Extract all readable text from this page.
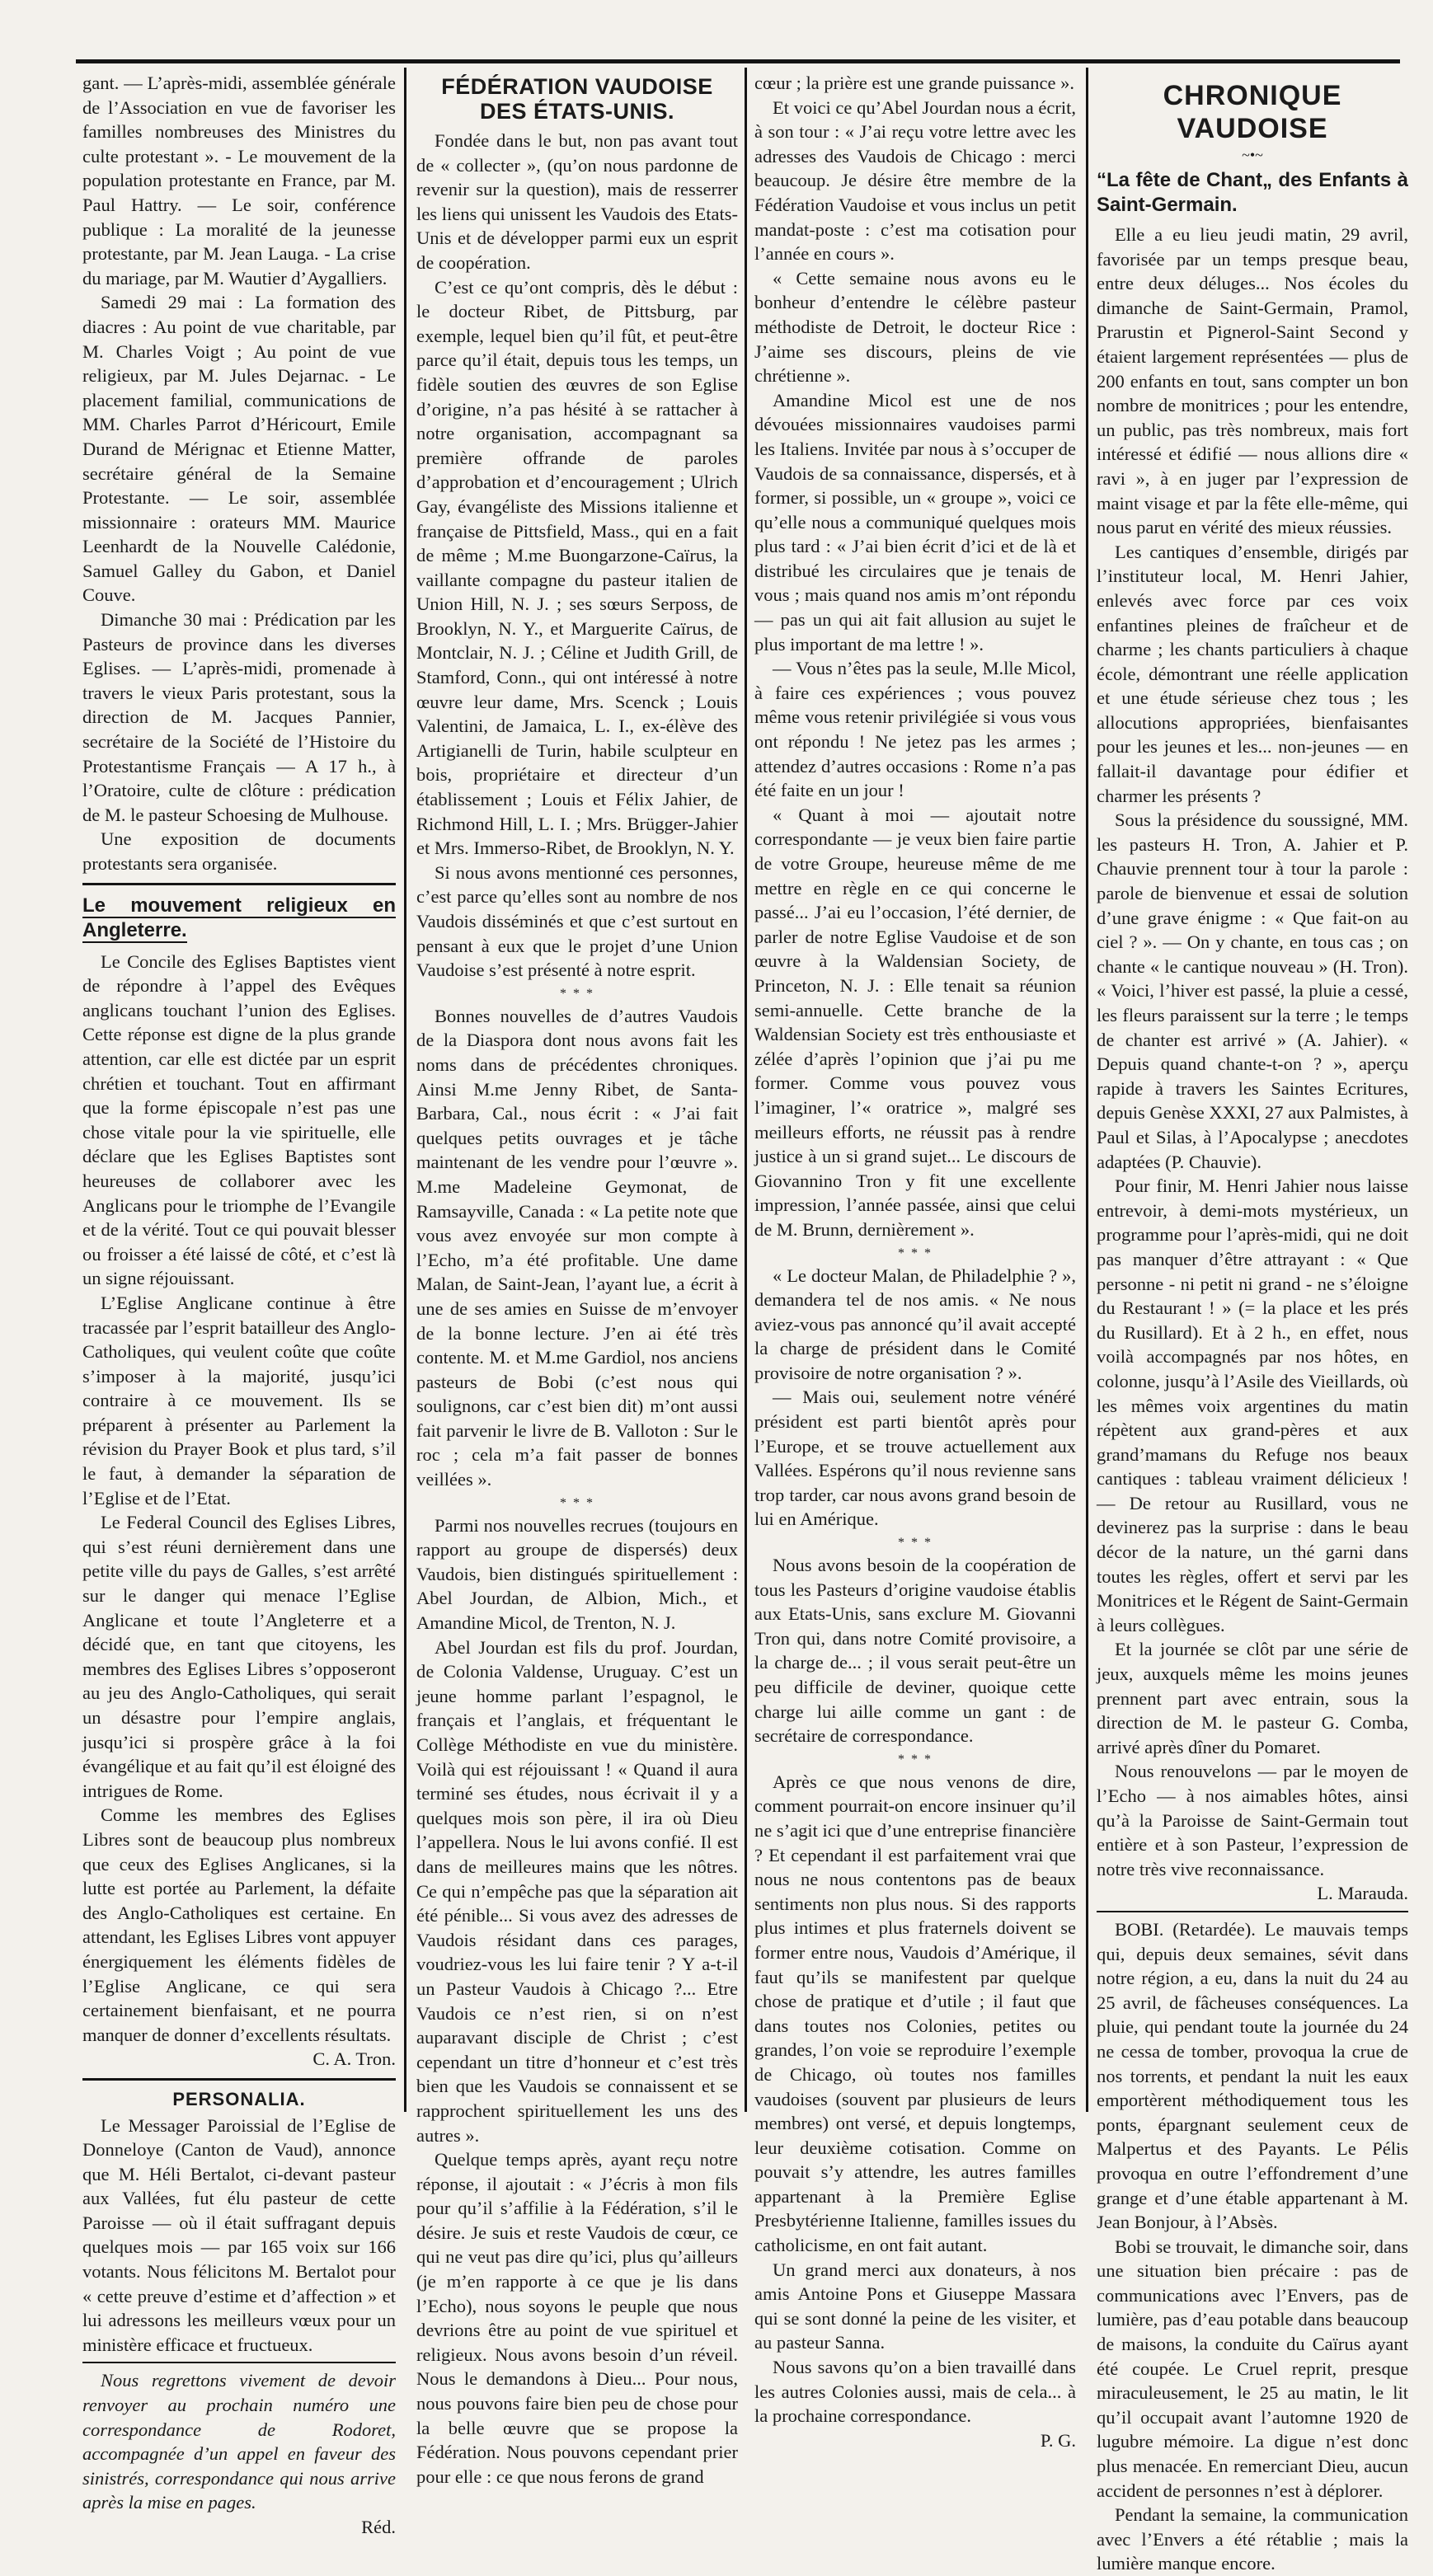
gant. — L’après-midi, assemblée générale de l’Association en vue de favoriser les familles nombreuses des Ministres du culte protestant ». - Le mouvement de la population protestante en France, par M. Paul Hattry. — Le soir, conférence publique : La moralité de la jeunesse protestante, par M. Jean Lauga. - La crise du mariage, par M. Wautier d’Aygalliers.

Samedi 29 mai : La formation des diacres : Au point de vue charitable, par M. Charles Voigt ; Au point de vue religieux, par M. Jules Dejarnac. - Le placement familial, communications de MM. Charles Parrot d’Héricourt, Emile Durand de Mérignac et Etienne Matter, secrétaire général de la Semaine Protestante. — Le soir, assemblée missionnaire : orateurs MM. Maurice Leenhardt de la Nouvelle Calédonie, Samuel Galley du Gabon, et Daniel Couve.

Dimanche 30 mai : Prédication par les Pasteurs de province dans les diverses Eglises. — L’après-midi, promenade à travers le vieux Paris protestant, sous la direction de M. Jacques Pannier, secrétaire de la Société de l’Histoire du Protestantisme Français — A 17 h., à l’Oratoire, culte de clôture : prédication de M. le pasteur Schoesing de Mulhouse.

Une exposition de documents protestants sera organisée.

Le mouvement religieux en Angleterre.

Le Concile des Eglises Baptistes vient de répondre à l’appel des Evêques anglicans touchant l’union des Eglises. Cette réponse est digne de la plus grande attention, car elle est dictée par un esprit chrétien et touchant. Tout en affirmant que la forme épiscopale n’est pas une chose vitale pour la vie spirituelle, elle déclare que les Eglises Baptistes sont heureuses de collaborer avec les Anglicans pour le triomphe de l’Evangile et de la vérité. Tout ce qui pouvait blesser ou froisser a été laissé de côté, et c’est là un signe réjouissant.

L’Eglise Anglicane continue à être tracassée par l’esprit batailleur des Anglo-Catholiques, qui veulent coûte que coûte s’imposer à la majorité, jusqu’ici contraire à ce mouvement. Ils se préparent à présenter au Parlement la révision du Prayer Book et plus tard, s’il le faut, à demander la séparation de l’Eglise et de l’Etat.

Le Federal Council des Eglises Libres, qui s’est réuni dernièrement dans une petite ville du pays de Galles, s’est arrêté sur le danger qui menace l’Eglise Anglicane et toute l’Angleterre et a décidé que, en tant que citoyens, les membres des Eglises Libres s’opposeront au jeu des Anglo-Catholiques, qui serait un désastre pour l’empire anglais, jusqu’ici si prospère grâce à la foi évangélique et au fait qu’il est éloigné des intrigues de Rome.

Comme les membres des Eglises Libres sont de beaucoup plus nombreux que ceux des Eglises Anglicanes, si la lutte est portée au Parlement, la défaite des Anglo-Catholiques est certaine. En attendant, les Eglises Libres vont appuyer énergiquement les éléments fidèles de l’Eglise Anglicane, ce qui sera certainement bienfaisant, et ne pourra manquer de donner d’excellents résultats.

C. A. Tron.

PERSONALIA.

Le Messager Paroissial de l’Eglise de Donneloye (Canton de Vaud), annonce que M. Héli Bertalot, ci-devant pasteur aux Vallées, fut élu pasteur de cette Paroisse — où il était suffragant depuis quelques mois — par 165 voix sur 166 votants. Nous félicitons M. Bertalot pour « cette preuve d’estime et d’affection » et lui adressons les meilleurs vœux pour un ministère efficace et fructueux.

Nous regrettons vivement de devoir renvoyer au prochain numéro une correspondance de Rodoret, accompagnée d’un appel en faveur des sinistrés, correspondance qui nous arrive après la mise en pages.

Réd.

FÉDÉRATION VAUDOISE
DES ÉTATS-UNIS.

Fondée dans le but, non pas avant tout de « collecter », (qu’on nous pardonne de revenir sur la question), mais de resserrer les liens qui unissent les Vaudois des Etats-Unis et de développer parmi eux un esprit de coopération.

C’est ce qu’ont compris, dès le début : le docteur Ribet, de Pittsburg, par exemple, lequel bien qu’il fût, et peut-être parce qu’il était, depuis tous les temps, un fidèle soutien des œuvres de son Eglise d’origine, n’a pas hésité à se rattacher à notre organisation, accompagnant sa première offrande de paroles d’approbation et d’encouragement ; Ulrich Gay, évangéliste des Missions italienne et française de Pittsfield, Mass., qui en a fait de même ; M.me Buongarzone-Caïrus, la vaillante compagne du pasteur italien de Union Hill, N. J. ; ses sœurs Serposs, de Brooklyn, N. Y., et Marguerite Caïrus, de Montclair, N. J. ; Céline et Judith Grill, de Stamford, Conn., qui ont intéressé à notre œuvre leur dame, Mrs. Scenck ; Louis Valentini, de Jamaica, L. I., ex-élève des Artigianelli de Turin, habile sculpteur en bois, propriétaire et directeur d’un établissement ; Louis et Félix Jahier, de Richmond Hill, L. I. ; Mrs. Brügger-Jahier et Mrs. Immerso-Ribet, de Brooklyn, N. Y.

Si nous avons mentionné ces personnes, c’est parce qu’elles sont au nombre de nos Vaudois disséminés et que c’est surtout en pensant à eux que le projet d’une Union Vaudoise s’est présenté à notre esprit.

* * *

Bonnes nouvelles de d’autres Vaudois de la Diaspora dont nous avons fait les noms dans de précédentes chroniques. Ainsi M.me Jenny Ribet, de Santa-Barbara, Cal., nous écrit : « J’ai fait quelques petits ouvrages et je tâche maintenant de les vendre pour l’œuvre ». M.me Madeleine Geymonat, de Ramsayville, Canada : « La petite note que vous avez envoyée sur mon compte à l’Echo, m’a été profitable. Une dame Malan, de Saint-Jean, l’ayant lue, a écrit à une de ses amies en Suisse de m’envoyer de la bonne lecture. J’en ai été très contente. M. et M.me Gardiol, nos anciens pasteurs de Bobi (c’est nous qui soulignons, car c’est bien dit) m’ont aussi fait parvenir le livre de B. Valloton : Sur le roc ; cela m’a fait passer de bonnes veillées ».

* * *

Parmi nos nouvelles recrues (toujours en rapport au groupe de dispersés) deux Vaudois, bien distingués spirituellement : Abel Jourdan, de Albion, Mich., et Amandine Micol, de Trenton, N. J.

Abel Jourdan est fils du prof. Jourdan, de Colonia Valdense, Uruguay. C’est un jeune homme parlant l’espagnol, le français et l’anglais, et fréquentant le Collège Méthodiste en vue du ministère. Voilà qui est réjouissant ! « Quand il aura terminé ses études, nous écrivait il y a quelques mois son père, il ira où Dieu l’appellera. Nous le lui avons confié. Il est dans de meilleures mains que les nôtres. Ce qui n’empêche pas que la séparation ait été pénible... Si vous avez des adresses de Vaudois résidant dans ces parages, voudriez-vous les lui faire tenir ? Y a-t-il un Pasteur Vaudois à Chicago ?... Etre Vaudois ce n’est rien, si on n’est auparavant disciple de Christ ; c’est cependant un titre d’honneur et c’est très bien que les Vaudois se connaissent et se rapprochent spirituellement les uns des autres ».

Quelque temps après, ayant reçu notre réponse, il ajoutait : « J’écris à mon fils pour qu’il s’affilie à la Fédération, s’il le désire. Je suis et reste Vaudois de cœur, ce qui ne veut pas dire qu’ici, plus qu’ailleurs (je m’en rapporte à ce que je lis dans l’Echo), nous soyons le peuple que nous devrions être au point de vue spirituel et religieux. Nous avons besoin d’un réveil. Nous le demandons à Dieu... Pour nous, nous pouvons faire bien peu de chose pour la belle œuvre que se propose la Fédération. Nous pouvons cependant prier pour elle : ce que nous ferons de grand

cœur ; la prière est une grande puissance ».

Et voici ce qu’Abel Jourdan nous a écrit, à son tour : « J’ai reçu votre lettre avec les adresses des Vaudois de Chicago : merci beaucoup. Je désire être membre de la Fédération Vaudoise et vous inclus un petit mandat-poste : c’est ma cotisation pour l’année en cours ».

« Cette semaine nous avons eu le bonheur d’entendre le célèbre pasteur méthodiste de Detroit, le docteur Rice : J’aime ses discours, pleins de vie chrétienne ».

Amandine Micol est une de nos dévouées missionnaires vaudoises parmi les Italiens. Invitée par nous à s’occuper de Vaudois de sa connaissance, dispersés, et à former, si possible, un « groupe », voici ce qu’elle nous a communiqué quelques mois plus tard : « J’ai bien écrit d’ici et de là et distribué les circulaires que je tenais de vous ; mais quand nos amis m’ont répondu — pas un qui ait fait allusion au sujet le plus important de ma lettre ! ».

— Vous n’êtes pas la seule, M.lle Micol, à faire ces expériences ; vous pouvez même vous retenir privilégiée si vous vous ont répondu ! Ne jetez pas les armes ; attendez d’autres occasions : Rome n’a pas été faite en un jour !

« Quant à moi — ajoutait notre correspondante — je veux bien faire partie de votre Groupe, heureuse même de me mettre en règle en ce qui concerne le passé... J’ai eu l’occasion, l’été dernier, de parler de notre Eglise Vaudoise et de son œuvre à la Waldensian Society, de Princeton, N. J. : Elle tenait sa réunion semi-annuelle. Cette branche de la Waldensian Society est très enthousiaste et zélée d’après l’opinion que j’ai pu me former. Comme vous pouvez vous l’imaginer, l’« oratrice », malgré ses meilleurs efforts, ne réussit pas à rendre justice à un si grand sujet... Le discours de Giovannino Tron y fit une excellente impression, l’année passée, ainsi que celui de M. Brunn, dernièrement ».

* * *

« Le docteur Malan, de Philadelphie ? », demandera tel de nos amis. « Ne nous aviez-vous pas annoncé qu’il avait accepté la charge de président dans le Comité provisoire de notre organisation ? ».

— Mais oui, seulement notre vénéré président est parti bientôt après pour l’Europe, et se trouve actuellement aux Vallées. Espérons qu’il nous revienne sans trop tarder, car nous avons grand besoin de lui en Amérique.

* * *

Nous avons besoin de la coopération de tous les Pasteurs d’origine vaudoise établis aux Etats-Unis, sans exclure M. Giovanni Tron qui, dans notre Comité provisoire, a la charge de... ; il vous serait peut-être un peu difficile de deviner, quoique cette charge lui aille comme un gant : de secrétaire de correspondance.

* * *

Après ce que nous venons de dire, comment pourrait-on encore insinuer qu’il ne s’agit ici que d’une entreprise financière ? Et cependant il est parfaitement vrai que nous ne nous contentons pas de beaux sentiments non plus nous. Si des rapports plus intimes et plus fraternels doivent se former entre nous, Vaudois d’Amérique, il faut qu’ils se manifestent par quelque chose de pratique et d’utile ; il faut que dans toutes nos Colonies, petites ou grandes, l’on voie se reproduire l’exemple de Chicago, où toutes nos familles vaudoises (souvent par plusieurs de leurs membres) ont versé, et depuis longtemps, leur deuxième cotisation. Comme on pouvait s’y attendre, les autres familles appartenant à la Première Eglise Presbytérienne Italienne, familles issues du catholicisme, en ont fait autant.

Un grand merci aux donateurs, à nos amis Antoine Pons et Giuseppe Massara qui se sont donné la peine de les visiter, et au pasteur Sanna.

Nous savons qu’on a bien travaillé dans les autres Colonies aussi, mais de cela... à la prochaine correspondance.

P. G.

CHRONIQUE VAUDOISE
~•~
“La fête de Chant„ des Enfants à Saint-Germain.

Elle a eu lieu jeudi matin, 29 avril, favorisée par un temps presque beau, entre deux déluges... Nos écoles du dimanche de Saint-Germain, Pramol, Prarustin et Pignerol-Saint Second y étaient largement représentées — plus de 200 enfants en tout, sans compter un bon nombre de monitrices ; pour les entendre, un public, pas très nombreux, mais fort intéressé et édifié — nous allions dire « ravi », à en juger par l’expression de maint visage et par la fête elle-même, qui nous parut en vérité des mieux réussies.

Les cantiques d’ensemble, dirigés par l’instituteur local, M. Henri Jahier, enlevés avec force par ces voix enfantines pleines de fraîcheur et de charme ; les chants particuliers à chaque école, démontrant une réelle application et une étude sérieuse chez tous ; les allocutions appropriées, bienfaisantes pour les jeunes et les... non-jeunes — en fallait-il davantage pour édifier et charmer les présents ?

Sous la présidence du soussigné, MM. les pasteurs H. Tron, A. Jahier et P. Chauvie prennent tour à tour la parole : parole de bienvenue et essai de solution d’une grave énigme : « Que fait-on au ciel ? ». — On y chante, en tous cas ; on chante « le cantique nouveau » (H. Tron). « Voici, l’hiver est passé, la pluie a cessé, les fleurs paraissent sur la terre ; le temps de chanter est arrivé » (A. Jahier). « Depuis quand chante-t-on ? », aperçu rapide à travers les Saintes Ecritures, depuis Genèse XXXI, 27 aux Palmistes, à Paul et Silas, à l’Apocalypse ; anecdotes adaptées (P. Chauvie).

Pour finir, M. Henri Jahier nous laisse entrevoir, à demi-mots mystérieux, un programme pour l’après-midi, qui ne doit pas manquer d’être attrayant : « Que personne - ni petit ni grand - ne s’éloigne du Restaurant ! » (= la place et les prés du Rusillard). Et à 2 h., en effet, nous voilà accompagnés par nos hôtes, en colonne, jusqu’à l’Asile des Vieillards, où les mêmes voix argentines du matin répètent aux grand-pères et aux grand’mamans du Refuge nos beaux cantiques : tableau vraiment délicieux ! — De retour au Rusillard, vous ne devinerez pas la surprise : dans le beau décor de la nature, un thé garni dans toutes les règles, offert et servi par les Monitrices et le Régent de Saint-Germain à leurs collègues.

Et la journée se clôt par une série de jeux, auxquels même les moins jeunes prennent part avec entrain, sous la direction de M. le pasteur G. Comba, arrivé après dîner du Pomaret.

Nous renouvelons — par le moyen de l’Echo — à nos aimables hôtes, ainsi qu’à la Paroisse de Saint-Germain tout entière et à son Pasteur, l’expression de notre très vive reconnaissance.

L. Marauda.

BOBI. (Retardée). Le mauvais temps qui, depuis deux semaines, sévit dans notre région, a eu, dans la nuit du 24 au 25 avril, de fâcheuses conséquences. La pluie, qui pendant toute la journée du 24 ne cessa de tomber, provoqua la crue de nos torrents, et pendant la nuit les eaux emportèrent méthodiquement tous les ponts, épargnant seulement ceux de Malpertus et des Payants. Le Pélis provoqua en outre l’effondrement d’une grange et d’une étable appartenant à M. Jean Bonjour, à l’Absès.

Bobi se trouvait, le dimanche soir, dans une situation bien précaire : pas de communications avec l’Envers, pas de lumière, pas d’eau potable dans beaucoup de maisons, la conduite du Caïrus ayant été coupée. Le Cruel reprit, presque miraculeusement, le 25 au matin, le lit qu’il occupait avant l’automne 1920 de lugubre mémoire. La digue n’est donc plus menacée. En remerciant Dieu, aucun accident de personnes n’est à déplorer.

Pendant la semaine, la communication avec l’Envers a été rétablie ; mais la lumière manque encore.
